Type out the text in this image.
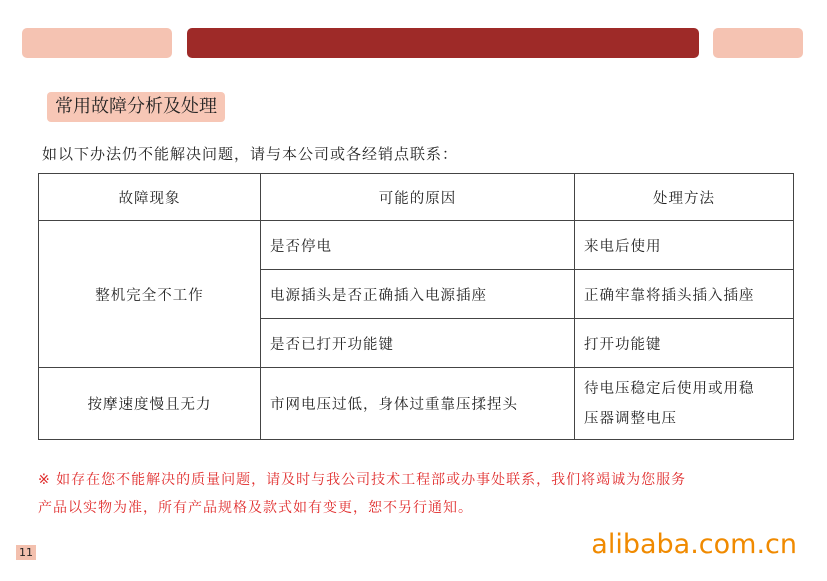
常用故障分析及处理
如以下办法仍不能解决问题，请与本公司或各经销点联系：
故障现象	可能的原因	处理方法
整机完全不工作	是否停电	来电后使用
	电源插头是否正确插入电源插座	正确牢靠将插头插入插座
	是否已打开功能键	打开功能键
按摩速度慢且无力	市网电压过低，身体过重靠压揉捏头	待电压稳定后使用或用稳
压器调整电压
※ 如存在您不能解决的质量问题，请及时与我公司技术工程部或办事处联系，我们将竭诚为您服务
产品以实物为准，所有产品规格及款式如有变更，恕不另行通知。
11	alibaba.com.cn
